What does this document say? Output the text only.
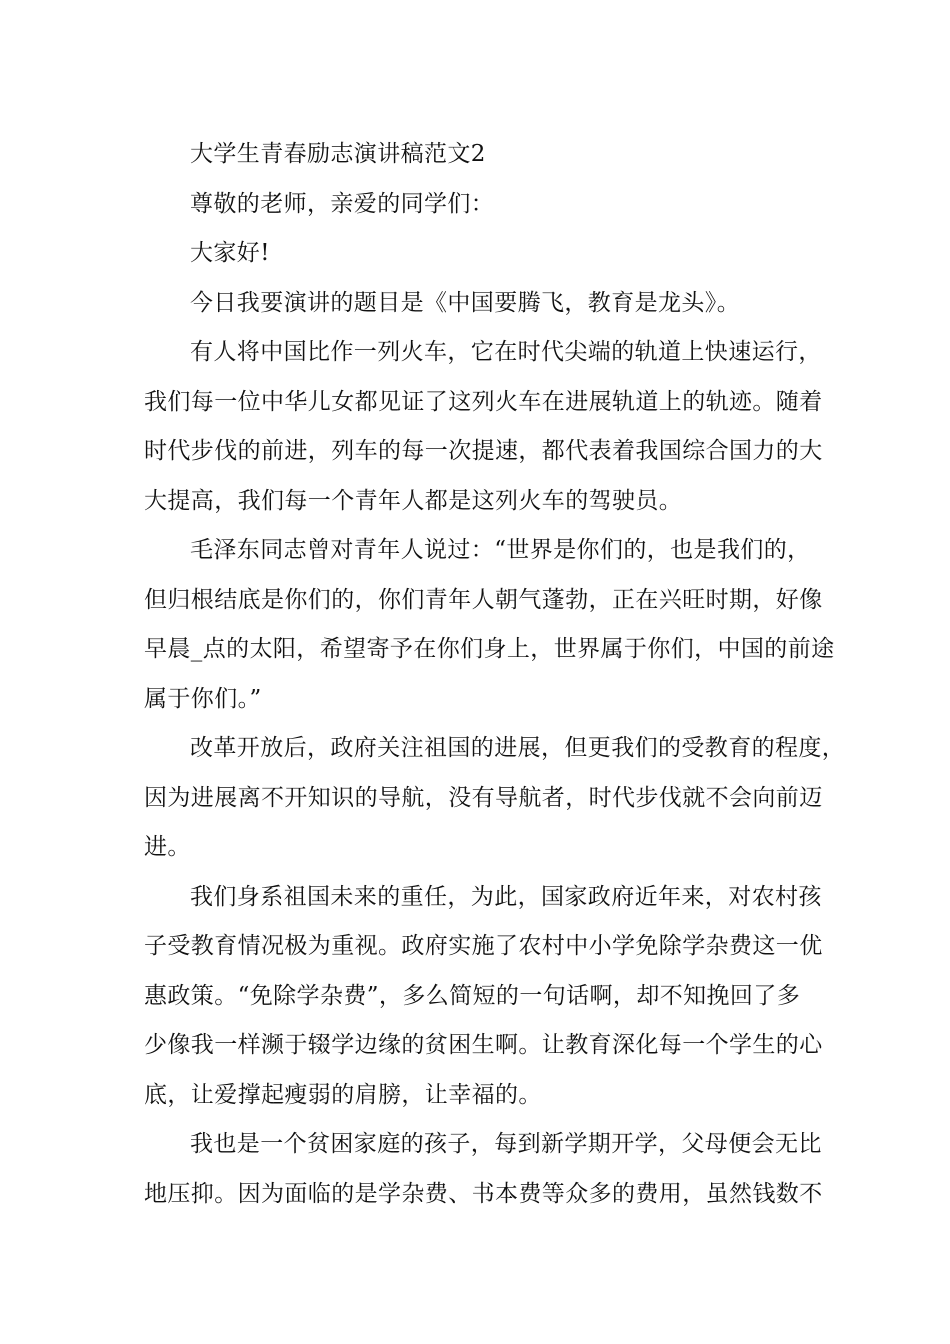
大学生青春励志演讲稿范文2

尊敬的老师，亲爱的同学们：

大家好!

今日我要演讲的题目是《中国要腾飞，教育是龙头》。

有人将中国比作一列火车，它在时代尖端的轨道上快速运行，
我们每一位中华儿女都见证了这列火车在进展轨道上的轨迹。随着
时代步伐的前进，列车的每一次提速，都代表着我国综合国力的大
大提高，我们每一个青年人都是这列火车的驾驶员。
毛泽东同志曾对青年人说过：“世界是你们的，也是我们的，
但归根结底是你们的，你们青年人朝气蓬勃，正在兴旺时期，好像
早晨_点的太阳，希望寄予在你们身上，世界属于你们，中国的前途
属于你们。”
改革开放后，政府关注祖国的进展，但更我们的受教育的程度，
因为进展离不开知识的导航，没有导航者，时代步伐就不会向前迈
进。
我们身系祖国未来的重任，为此，国家政府近年来，对农村孩
子受教育情况极为重视。政府实施了农村中小学免除学杂费这一优
惠政策。“免除学杂费”，多么简短的一句话啊，却不知挽回了多
少像我一样濒于辍学边缘的贫困生啊。让教育深化每一个学生的心
底，让爱撑起瘦弱的肩膀，让幸福的。
我也是一个贫困家庭的孩子，每到新学期开学，父母便会无比
地压抑。因为面临的是学杂费、书本费等众多的费用，虽然钱数不
